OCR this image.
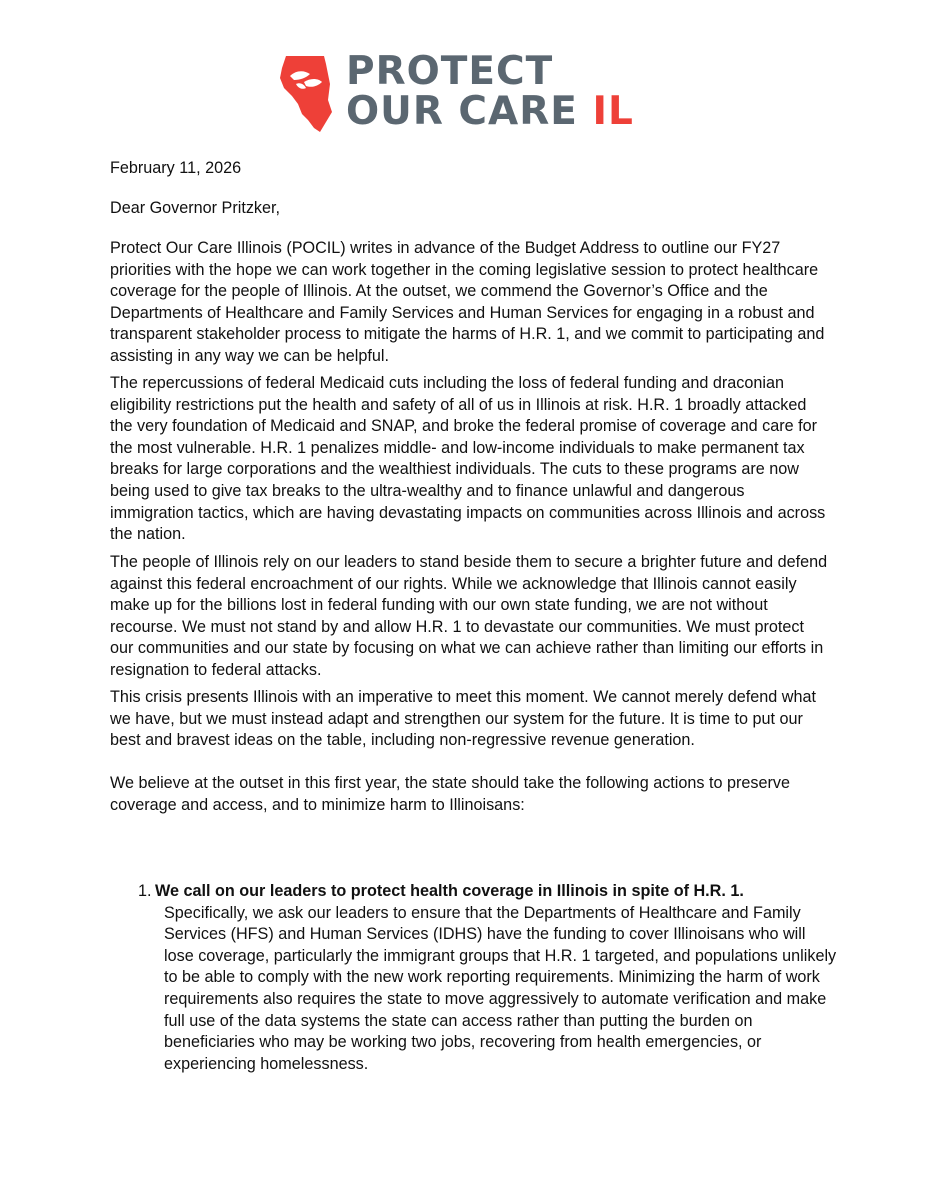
PROTECT
OUR CARE IL
February 11, 2026
Dear Governor Pritzker,
Protect Our Care Illinois (POCIL) writes in advance of the Budget Address to outline our FY27 priorities with the hope we can work together in the coming legislative session to protect healthcare coverage for the people of Illinois. At the outset, we commend the Governor’s Office and the Departments of Healthcare and Family Services and Human Services for engaging in a robust and transparent stakeholder process to mitigate the harms of H.R. 1, and we commit to participating and assisting in any way we can be helpful.
The repercussions of federal Medicaid cuts including the loss of federal funding and draconian eligibility restrictions put the health and safety of all of us in Illinois at risk. H.R. 1 broadly attacked the very foundation of Medicaid and SNAP, and broke the federal promise of coverage and care for the most vulnerable. H.R. 1 penalizes middle- and low-income individuals to make permanent tax breaks for large corporations and the wealthiest individuals. The cuts to these programs are now being used to give tax breaks to the ultra-wealthy and to finance unlawful and dangerous immigration tactics, which are having devastating impacts on communities across Illinois and across the nation.
The people of Illinois rely on our leaders to stand beside them to secure a brighter future and defend against this federal encroachment of our rights. While we acknowledge that Illinois cannot easily make up for the billions lost in federal funding with our own state funding, we are not without recourse. We must not stand by and allow H.R. 1 to devastate our communities. We must protect our communities and our state by focusing on what we can achieve rather than limiting our efforts in resignation to federal attacks.
This crisis presents Illinois with an imperative to meet this moment. We cannot merely defend what we have, but we must instead adapt and strengthen our system for the future. It is time to put our best and bravest ideas on the table, including non-regressive revenue generation.
We believe at the outset in this first year, the state should take the following actions to preserve coverage and access, and to minimize harm to Illinoisans:
1. We call on our leaders to protect health coverage in Illinois in spite of H.R. 1.
Specifically, we ask our leaders to ensure that the Departments of Healthcare and Family Services (HFS) and Human Services (IDHS) have the funding to cover Illinoisans who will lose coverage, particularly the immigrant groups that H.R. 1 targeted, and populations unlikely to be able to comply with the new work reporting requirements. Minimizing the harm of work requirements also requires the state to move aggressively to automate verification and make full use of the data systems the state can access rather than putting the burden on beneficiaries who may be working two jobs, recovering from health emergencies, or experiencing homelessness.
